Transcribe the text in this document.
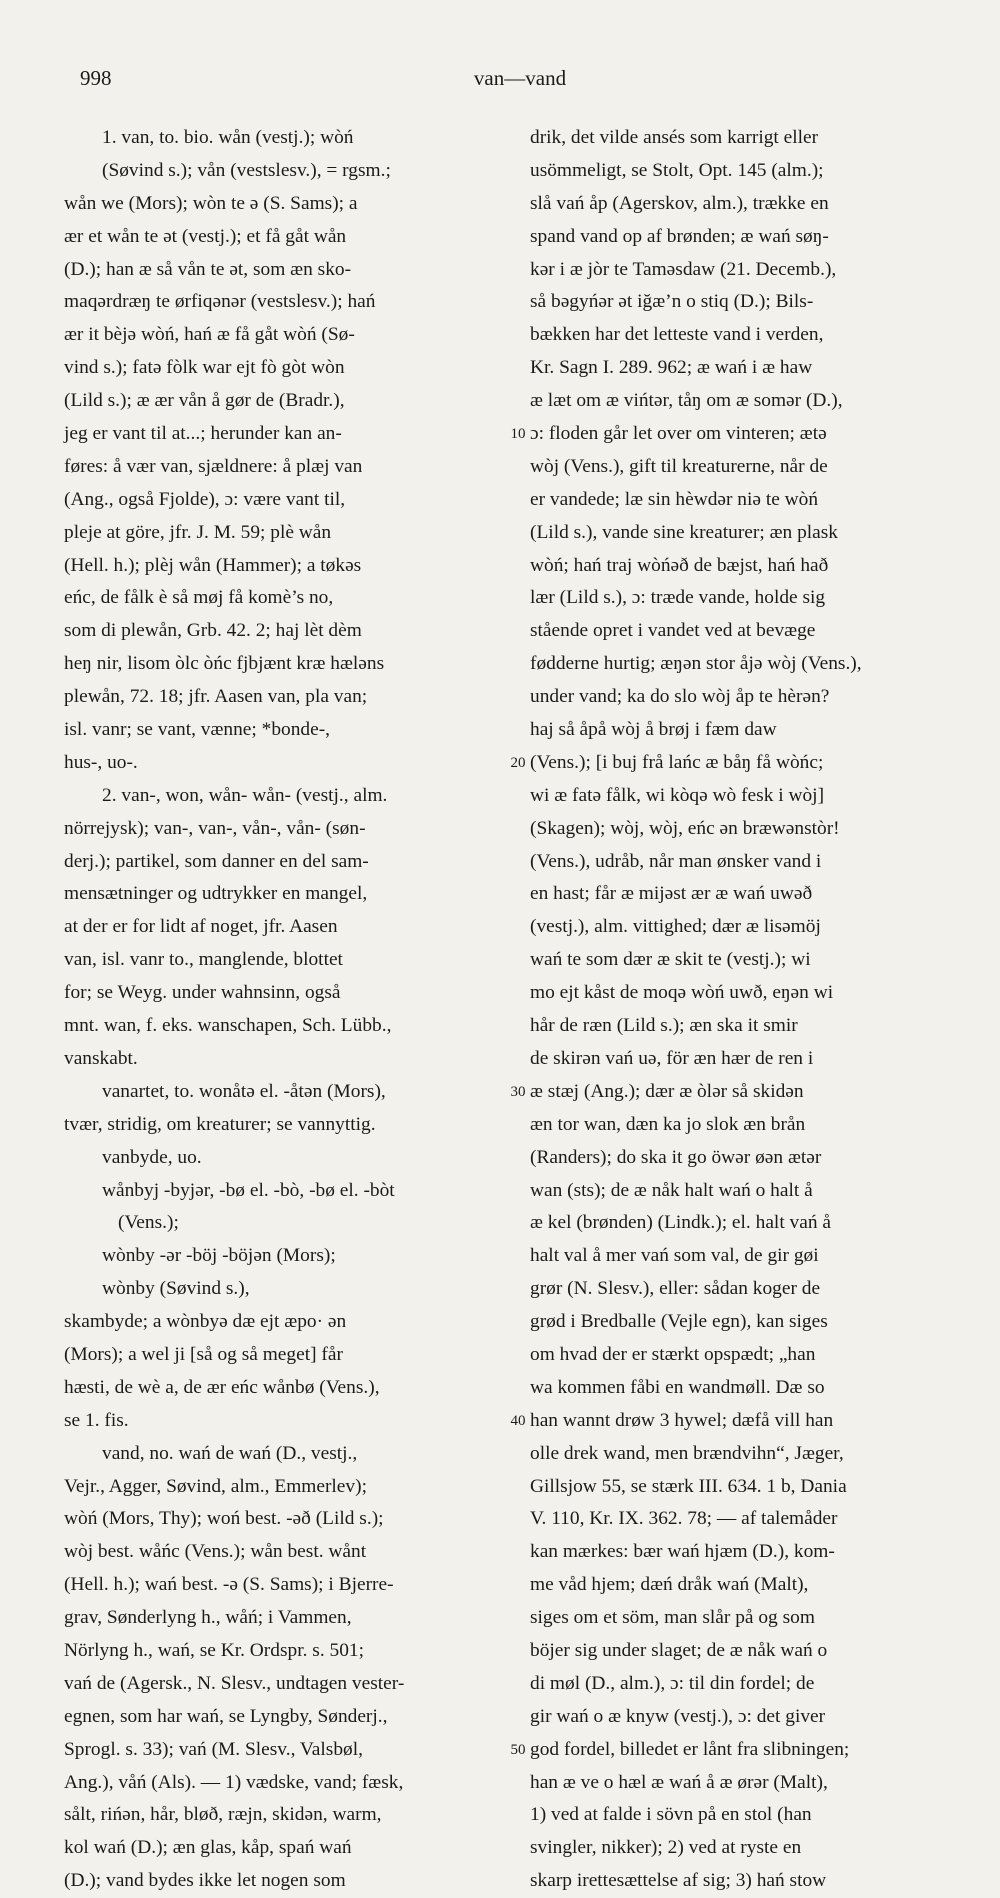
998	van—vand
1. van, to. bio. wån (vestj.); wòń
(Søvind s.); vån (vestslesv.), = rgsm.;
wån we (Mors); wòn te ə (S. Sams); a
ær et wån te ət (vestj.); et få gåt wån
(D.); han æ så vån te ət, som æn sko-
maqərdræŋ te ørfiqənər (vestslesv.); hań
ær it bèjə wòń, hań æ få gåt wòń (Sø-
vind s.); fatə fòlk war ejt fò gòt wòn
(Lild s.); æ ær vån å gør de (Bradr.),
jeg er vant til at...; herunder kan an-
føres: å vær van, sjældnere: å plæj van
(Ang., også Fjolde), ɔ: være vant til,
pleje at göre, jfr. J. M. 59; plè wån
(Hell. h.); plèj wån (Hammer); a tøkəs
eńc, de fålk è så møj få komè’s no,
som di plewån, Grb. 42. 2; haj lèt dèm
heŋ nir, lisom òlc òńc fjbjænt kræ hæləns
plewån, 72. 18; jfr. Aasen van, pla van;
isl. vanr; se vant, vænne; *bonde-,
hus-, uo-.
2. van-, won, wån- wån- (vestj., alm.
nörrejysk); van-, van-, vån-, vån- (søn-
derj.); partikel, som danner en del sam-
mensætninger og udtrykker en mangel,
at der er for lidt af noget, jfr. Aasen
van, isl. vanr to., manglende, blottet
for; se Weyg. under wahnsinn, også
mnt. wan, f. eks. wanschapen, Sch. Lübb.,
vanskabt.
vanartet, to. wonåtə el. -åtən (Mors),
tvær, stridig, om kreaturer; se vannyttig.
vanbyde, uo.
wånbyj -byjər, -bø el. -bò, -bø el. -bòt
(Vens.);
wònby -ər -böj -böjən (Mors);
wònby (Søvind s.),
skambyde; a wònbyə dæ ejt æpo· ən
(Mors); a wel ji [så og så meget] får
hæsti, de wè a, de ær eńc wånbø (Vens.),
se 1. fis.
vand, no. wań de wań (D., vestj.,
Vejr., Agger, Søvind, alm., Emmerlev);
wòń (Mors, Thy); woń best. -əð (Lild s.);
wòj best. wåńc (Vens.); wån best. wånt
(Hell. h.); wań best. -ə (S. Sams); i Bjerre-
grav, Sønderlyng h., wåń; i Vammen,
Nörlyng h., wań, se Kr. Ordspr. s. 501;
vań de (Agersk., N. Slesv., undtagen vester-
egnen, som har wań, se Lyngby, Sønderj.,
Sprogl. s. 33); vań (M. Slesv., Valsbøl,
Ang.), våń (Als). — 1) vædske, vand; fæsk,
sålt, rińən, hår, bløð, ræjn, skidən, warm,
kol wań (D.); æn glas, kåp, spań wań
(D.); vand bydes ikke let nogen som
drik, det vilde ansés som karrigt eller
usömmeligt, se Stolt, Opt. 145 (alm.);
slå vań åp (Agerskov, alm.), trække en
spand vand op af brønden; æ wań søŋ-
kər i æ jòr te Taməsdaw (21. Decemb.),
så bəgyńər ət iğæ’n o stiq (D.); Bils-
bækken har det letteste vand i verden,
Kr. Sagn I. 289. 962; æ wań i æ haw
æ læt om æ vińtər, tåŋ om æ somər (D.),
ɔ: floden går let over om vinteren; ætə
wòj (Vens.), gift til kreaturerne, når de
er vandede; læ sin hèwdər niə te wòń
(Lild s.), vande sine kreaturer; æn plask
wòń; hań traj wòńəð de bæjst, hań hað
lær (Lild s.), ɔ: træde vande, holde sig
stående opret i vandet ved at bevæge
fødderne hurtig; æŋən stor åjə wòj (Vens.),
under vand; ka do slo wòj åp te hèrən?
haj så åpå wòj å brøj i fæm daw
(Vens.); [i buj frå lańc æ båŋ få wòńc;
wi æ fatə fålk, wi kòqə wò fesk i wòj]
(Skagen); wòj, wòj, eńc ən bræwənstòr!
(Vens.), udråb, når man ønsker vand i
en hast; får æ mijəst ær æ wań uwəð
(vestj.), alm. vittighed; dær æ lisəmöj
wań te som dær æ skit te (vestj.); wi
mo ejt kåst de moqə wòń uwð, eŋən wi
hår de ræn (Lild s.); æn ska it smir
de skirən vań uə, för æn hær de ren i
æ stæj (Ang.); dær æ òlər så skidən
æn tor wan, dæn ka jo slok æn brån
(Randers); do ska it go öwər øən ætər
wan (sts); de æ nåk halt wań o halt å
æ kel (brønden) (Lindk.); el. halt vań å
halt val å mer vań som val, de gir gøi
grør (N. Slesv.), eller: sådan koger de
grød i Bredballe (Vejle egn), kan siges
om hvad der er stærkt opspædt; „han
wa kommen fåbi en wandmøll. Dæ so
han wannt drøw 3 hywel; dæfå vill han
olle drek wand, men brændvihn“, Jæger,
Gillsjow 55, se stærk III. 634. 1 b, Dania
V. 110, Kr. IX. 362. 78; — af talemåder
kan mærkes: bær wań hjæm (D.), kom-
me våd hjem; dæń dråk wań (Malt),
siges om et söm, man slår på og som
böjer sig under slaget; de æ nåk wań o
di møl (D., alm.), ɔ: til din fordel; de
gir wań o æ knyw (vestj.), ɔ: det giver
god fordel, billedet er lånt fra slibningen;
han æ ve o hæl æ wań å æ ørər (Malt),
1) ved at falde i sövn på en stol (han
svingler, nikker); 2) ved at ryste en
skarp irettesættelse af sig; 3) hań stow
10
20
30
40
50
